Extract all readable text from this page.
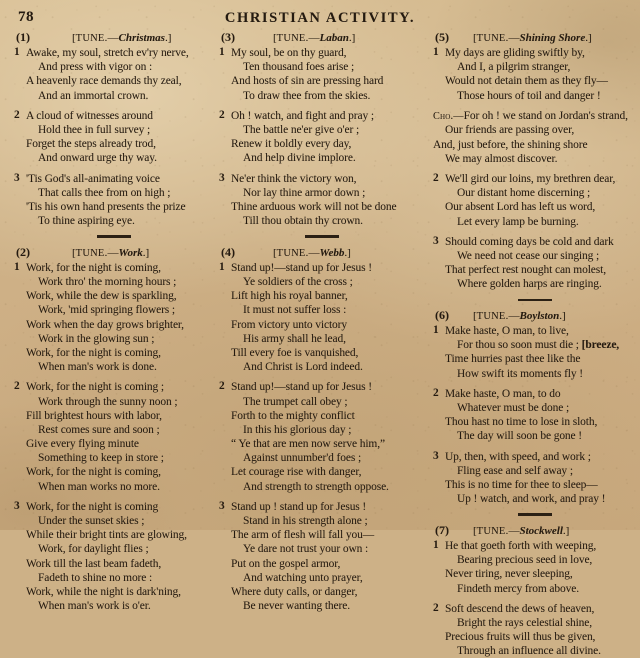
78	CHRISTIAN ACTIVITY.
(1)	[TUNE.—Christmas.]
1 Awake, my soul, stretch ev'ry nerve,
And press with vigor on :
A heavenly race demands thy zeal,
And an immortal crown.
2 A cloud of witnesses around
Hold thee in full survey ;
Forget the steps already trod,
And onward urge thy way.
3 'Tis God's all-animating voice
That calls thee from on high ;
'Tis his own hand presents the prize
To thine aspiring eye.
(2)	[TUNE.—Work.]
1 Work, for the night is coming,
Work thro' the morning hours ;
Work, while the dew is sparkling,
Work, 'mid springing flowers ;
Work when the day grows brighter,
Work in the glowing sun ;
Work, for the night is coming,
When man's work is done.
2 Work, for the night is coming ;
Work through the sunny noon ;
Fill brightest hours with labor,
Rest comes sure and soon ;
Give every flying minute
Something to keep in store ;
Work, for the night is coming,
When man works no more.
3 Work, for the night is coming
Under the sunset skies ;
While their bright tints are glowing,
Work, for daylight flies ;
Work till the last beam fadeth,
Fadeth to shine no more :
Work, while the night is dark'ning,
When man's work is o'er.
(3)	[TUNE.—Laban.]
1 My soul, be on thy guard,
Ten thousand foes arise ;
And hosts of sin are pressing hard
To draw thee from the skies.
2 Oh ! watch, and fight and pray ;
The battle ne'er give o'er ;
Renew it boldly every day,
And help divine implore.
3 Ne'er think the victory won,
Nor lay thine armor down ;
Thine arduous work will not be done
Till thou obtain thy crown.
(4)	[TUNE.—Webb.]
1 Stand up!—stand up for Jesus !
Ye soldiers of the cross ;
Lift high his royal banner,
It must not suffer loss :
From victory unto victory
His army shall he lead,
Till every foe is vanquished,
And Christ is Lord indeed.
2 Stand up!—stand up for Jesus !
The trumpet call obey ;
Forth to the mighty conflict
In this his glorious day ;
“ Ye that are men now serve him,”
Against unnumber'd foes ;
Let courage rise with danger,
And strength to strength oppose.
3 Stand up ! stand up for Jesus !
Stand in his strength alone ;
The arm of flesh will fall you—
Ye dare not trust your own :
Put on the gospel armor,
And watching unto prayer,
Where duty calls, or danger,
Be never wanting there.
(5)	[TUNE.—Shining Shore.]
1 My days are gliding swiftly by,
And I, a pilgrim stranger,
Would not detain them as they fly—
Those hours of toil and danger !
Cho.—For oh ! we stand on Jordan's strand,
Our friends are passing over,
And, just before, the shining shore
We may almost discover.
2 We'll gird our loins, my brethren dear,
Our distant home discerning ;
Our absent Lord has left us word,
Let every lamp be burning.
3 Should coming days be cold and dark
We need not cease our singing ;
That perfect rest nought can molest,
Where golden harps are ringing.
(6)	[TUNE.—Boylston.]
1 Make haste, O man, to live,
For thou so soon must die ; [breeze,
Time hurries past thee like the
How swift its moments fly !
2 Make haste, O man, to do
Whatever must be done ;
Thou hast no time to lose in sloth,
The day will soon be gone !
3 Up, then, with speed, and work ;
Fling ease and self away ;
This is no time for thee to sleep—
Up ! watch, and work, and pray !
(7)	[TUNE.—Stockwell.]
1 He that goeth forth with weeping,
Bearing precious seed in love,
Never tiring, never sleeping,
Findeth mercy from above.
2 Soft descend the dews of heaven,
Bright the rays celestial shine,
Precious fruits will thus be given,
Through an influence all divine.
